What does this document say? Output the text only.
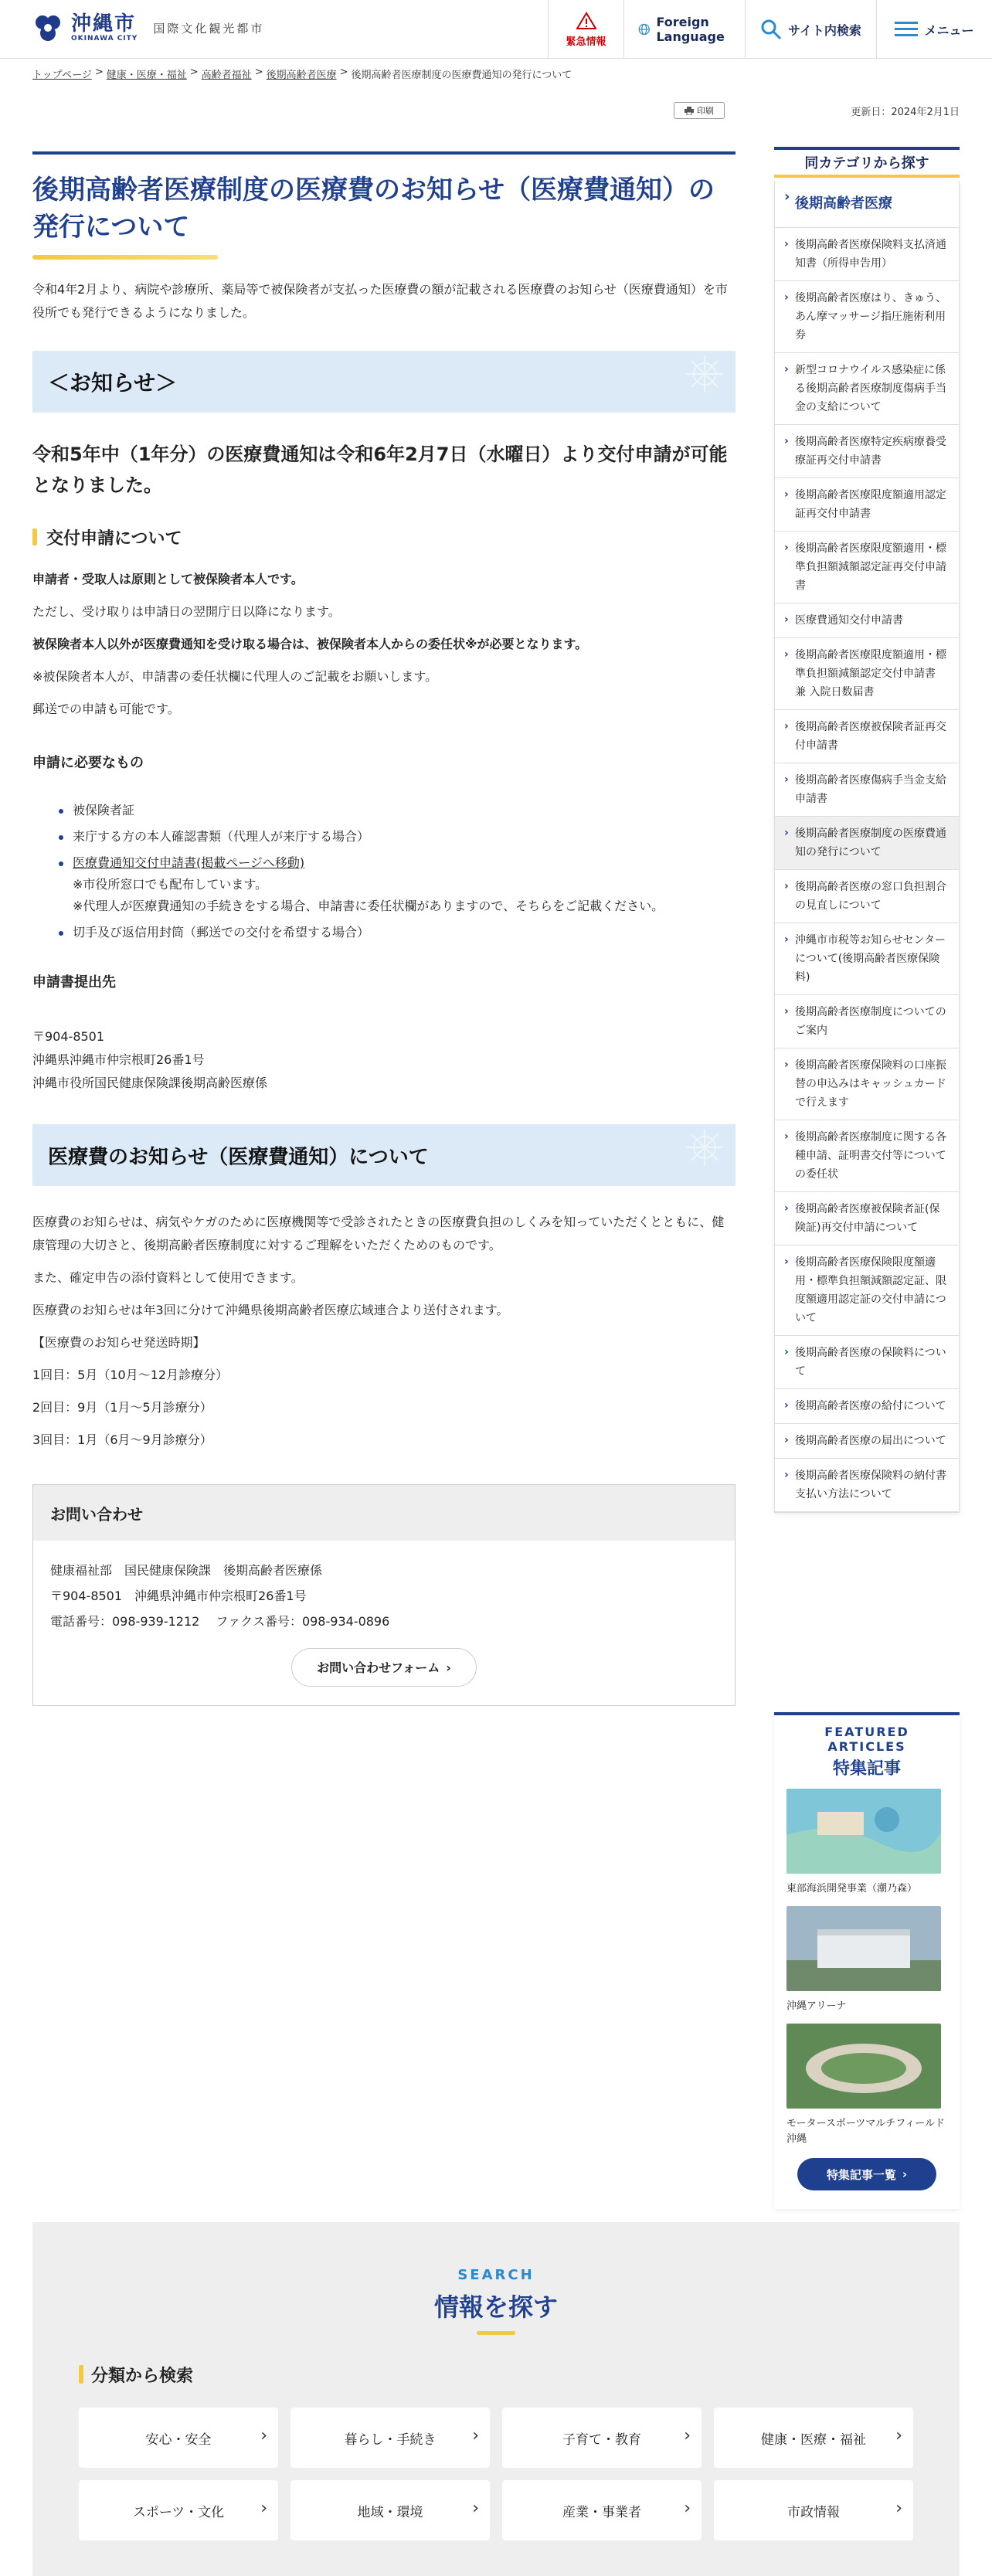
沖縄市
OKINAWA CITY
国際文化観光都市
緊急情報
Foreign Language	サイト内検索	メニュー
トップページ > 健康・医療・福祉 > 高齢者福祉 > 後期高齢者医療 > 後期高齢者医療制度の医療費通知の発行について
印刷	更新日：2024年2月1日
後期高齢者医療制度の医療費のお知らせ（医療費通知）の発行について

令和4年2月より、病院や診療所、薬局等で被保険者が支払った医療費の額が記載される医療費のお知らせ（医療費通知）を市役所でも発行できるようになりました。

＜お知らせ＞

令和5年中（1年分）の医療費通知は令和6年2月7日（水曜日）より交付申請が可能となりました。

交付申請について

申請者・受取人は原則として被保険者本人です。

ただし、受け取りは申請日の翌開庁日以降になります。

被保険者本人以外が医療費通知を受け取る場合は、被保険者本人からの委任状※が必要となります。

※被保険者本人が、申請書の委任状欄に代理人のご記載をお願いします。

郵送での申請も可能です。

申請に必要なもの
被保険者証
来庁する方の本人確認書類（代理人が来庁する場合）
医療費通知交付申請書(掲載ページへ移動)
※市役所窓口でも配布しています。
※代理人が医療費通知の手続きをする場合、申請書に委任状欄がありますので、そちらをご記載ください。
切手及び返信用封筒（郵送での交付を希望する場合）
申請書提出先

〒904-8501
沖縄県沖縄市仲宗根町26番1号
沖縄市役所国民健康保険課後期高齢医療係

医療費のお知らせ（医療費通知）について

医療費のお知らせは、病気やケガのために医療機関等で受診されたときの医療費負担のしくみを知っていただくとともに、健康管理の大切さと、後期高齢者医療制度に対するご理解をいただくためのものです。

また、確定申告の添付資料として使用できます。

医療費のお知らせは年3回に分けて沖縄県後期高齢者医療広域連合より送付されます。

【医療費のお知らせ発送時期】

1回目：5月（10月～12月診療分）

2回目：9月（1月～5月診療分）

3回目：1月（6月～9月診療分）

お問い合わせ
健康福祉部　国民健康保険課　後期高齢者医療係
〒904-8501　沖縄県沖縄市仲宗根町26番1号
電話番号：098-939-1212　 ファクス番号：098-934-0896
お問い合わせフォーム ›
同カテゴリから探す
› 後期高齢者医療
› 後期高齢者医療保険料支払済通知書（所得申告用）
› 後期高齢者医療はり、きゅう、あん摩マッサージ指圧施術利用券
› 新型コロナウイルス感染症に係る後期高齢者医療制度傷病手当金の支給について
› 後期高齢者医療特定疾病療養受療証再交付申請書
› 後期高齢者医療限度額適用認定証再交付申請書
› 後期高齢者医療限度額適用・標準負担額減額認定証再交付申請書
› 医療費通知交付申請書
› 後期高齢者医療限度額適用・標準負担額減額認定交付申請書 兼 入院日数届書
› 後期高齢者医療被保険者証再交付申請書
› 後期高齢者医療傷病手当金支給申請書
› 後期高齢者医療制度の医療費通知の発行について
› 後期高齢者医療の窓口負担割合の見直しについて
› 沖縄市市税等お知らせセンターについて(後期高齢者医療保険料)
› 後期高齢者医療制度についてのご案内
› 後期高齢者医療保険料の口座振替の申込みはキャッシュカードで行えます
› 後期高齢者医療制度に関する各種申請、証明書交付等についての委任状
› 後期高齢者医療被保険者証(保険証)再交付申請について
› 後期高齢者医療保険限度額適用・標準負担額減額認定証、限度額適用認定証の交付申請について
› 後期高齢者医療の保険料について
› 後期高齢者医療の給付について
› 後期高齢者医療の届出について
› 後期高齢者医療保険料の納付書支払い方法について
FEATURED ARTICLES
特集記事
東部海浜開発事業（潮乃森）
沖縄アリーナ
モータースポーツマルチフィールド沖縄
特集記事一覧 ›
SEARCH
情報を探す
分類から検索
安心・安全 ›	暮らし・手続き ›	子育て・教育 ›	健康・医療・福祉 ›
スポーツ・文化 ›	地域・環境 ›	産業・事業者 ›	市政情報 ›
